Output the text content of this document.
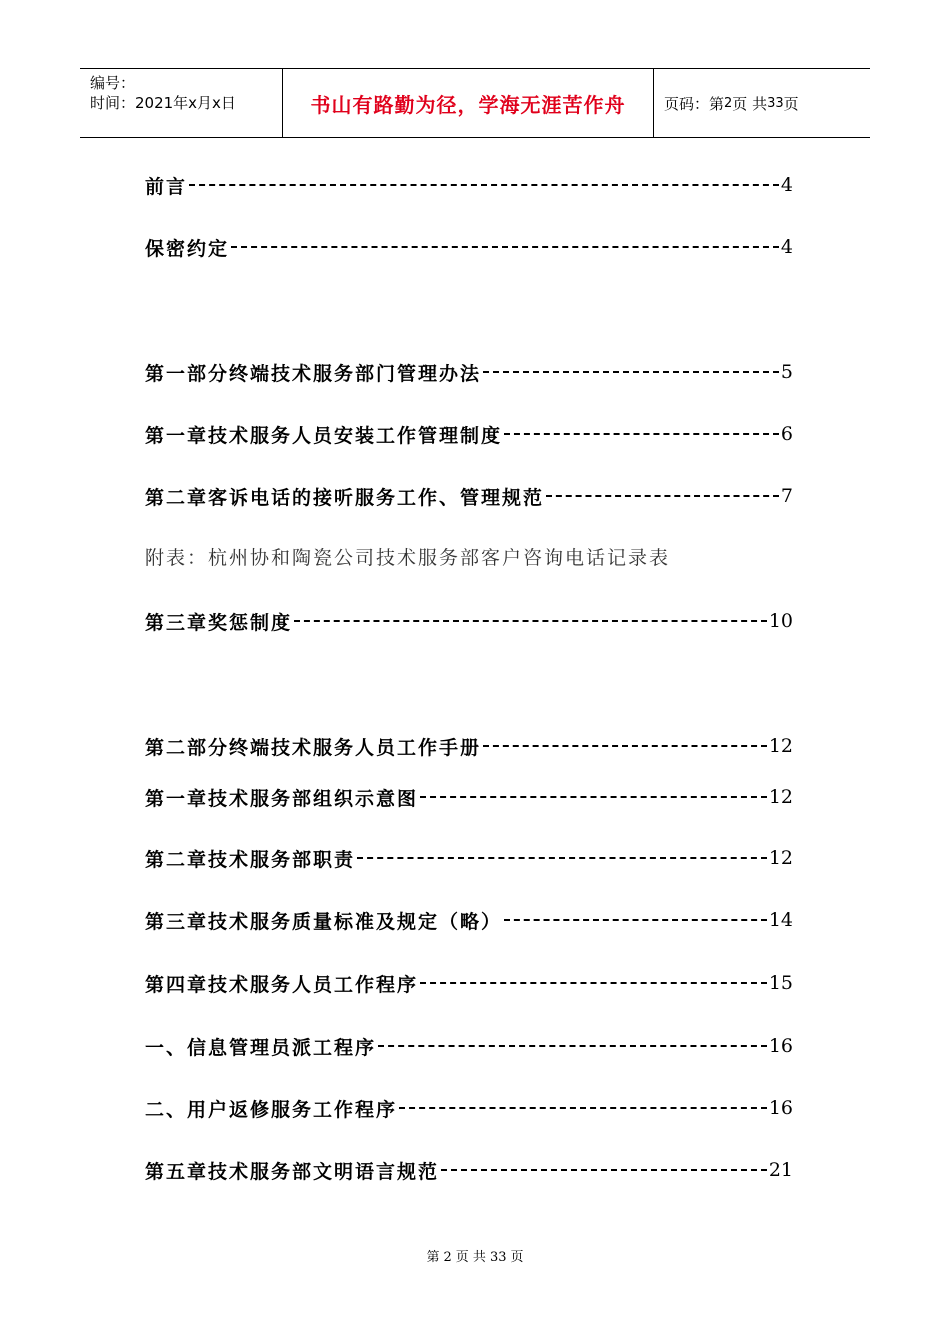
编号：
时间：2021年x月x日	书山有路勤为径，学海无涯苦作舟	页码：第 2 页 共 33 页
前言	4
保密约定	4
第一部分终端技术服务部门管理办法	5
第一章技术服务人员安装工作管理制度	6
第二章客诉电话的接听服务工作、管理规范	7
第三章奖惩制度	10
第二部分终端技术服务人员工作手册	12
第一章技术服务部组织示意图	12
第二章技术服务部职责	12
第三章技术服务质量标准及规定（略）	14
第四章技术服务人员工作程序	15
一、信息管理员派工程序	16
二、用户返修服务工作程序	16
第五章技术服务部文明语言规范	21
附表：杭州协和陶瓷公司技术服务部客户咨询电话记录表
第 2 页 共 33 页
